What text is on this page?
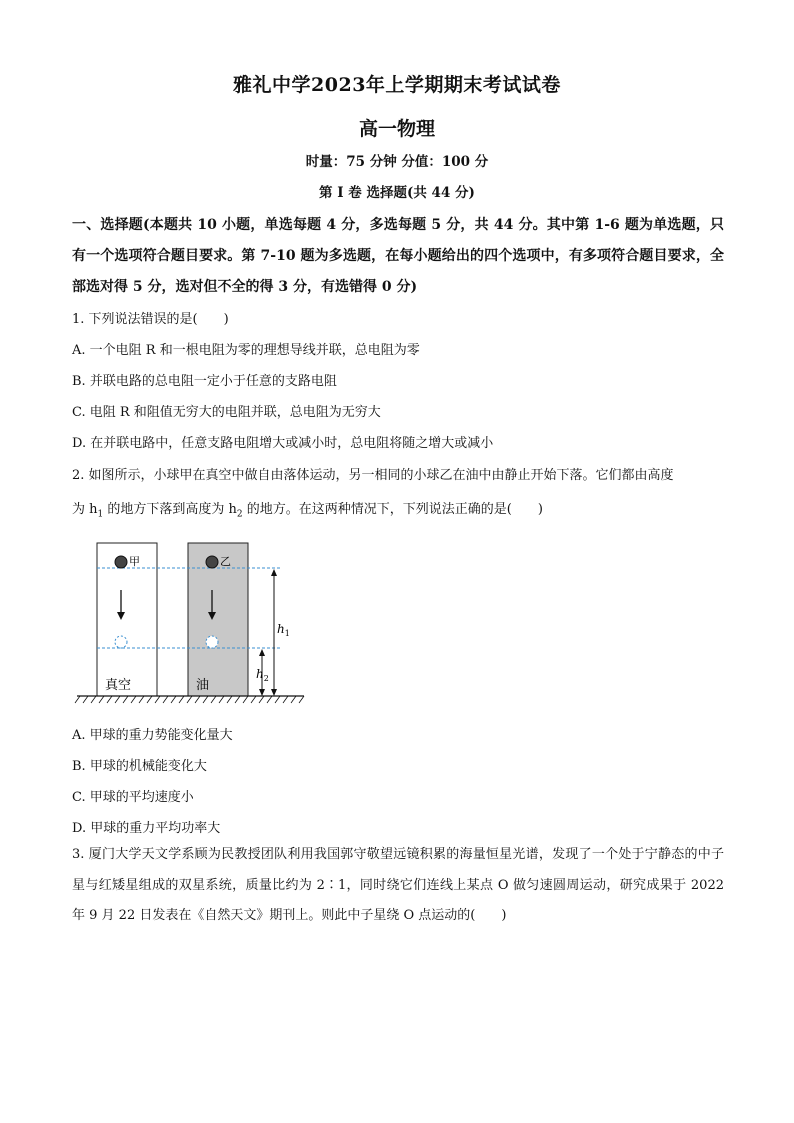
雅礼中学2023年上学期期末考试试卷
高一物理
时量：75 分钟 分值：100 分
第 I 卷 选择题(共 44 分)
一、选择题(本题共 10 小题，单选每题 4 分，多选每题 5 分，共 44 分。其中第 1-6 题为单选题，只有一个选项符合题目要求。第 7-10 题为多选题，在每小题给出的四个选项中，有多项符合题目要求，全部选对得 5 分，选对但不全的得 3 分，有选错得 0 分)
1. 下列说法错误的是(　　)
A. 一个电阻 R 和一根电阻为零的理想导线并联，总电阻为零
B. 并联电路的总电阻一定小于任意的支路电阻
C. 电阻 R 和阻值无穷大的电阻并联，总电阻为无穷大
D. 在并联电路中，任意支路电阻增大或减小时，总电阻将随之增大或减小
2. 如图所示，小球甲在真空中做自由落体运动，另一相同的小球乙在油中由静止开始下落。它们都由高度
为 $h_1$ 的地方下落到高度为 $h_2$ 的地方。在这两种情况下，下列说法正确的是(　　)
甲	乙
真空	油
$h_1$
$h_2$
A. 甲球的重力势能变化量大
B. 甲球的机械能变化大
C. 甲球的平均速度小
D. 甲球的重力平均功率大
3. 厦门大学天文学系顾为民教授团队利用我国郭守敬望远镜积累的海量恒星光谱，发现了一个处于宁静态的中子星与红矮星组成的双星系统，质量比约为 2∶1，同时绕它们连线上某点 O 做匀速圆周运动，研究成果于 2022 年 9 月 22 日发表在《自然天文》期刊上。则此中子星绕 O 点运动的(　　)
